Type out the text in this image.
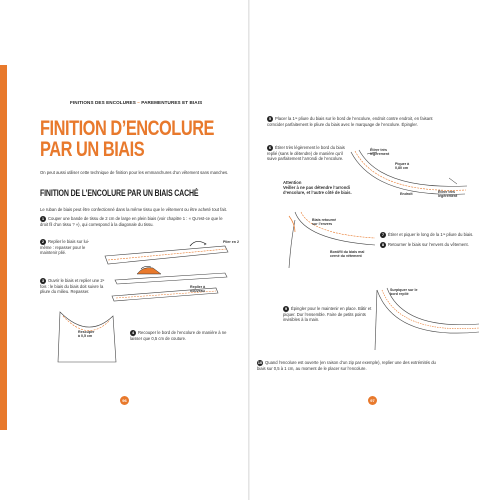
FINITIONS DES ENCOLURES – PAREMENTURES ET BIAIS
FINITION D’ENCOLURE
PAR UN BIAIS
On peut aussi utiliser cette technique de finition pour les emmanchures d’un vêtement sans manches.
FINITION DE L’ENCOLURE PAR UN BIAIS CACHÉ
Le ruban de biais peut être confectionné dans la même tissu que le vêtement ou être acheté tout fait.
1 Couper une bande de tissu de 2 cm de large en plein biais (voir chapitre 1 : « Qu’est-ce que le droit fil d’un tissu ? »), qui correspond à la diagonale du tissu.
2 Replier le biais sur lui-même : repasser pour le maintenir plié.
Plier en 2
3 Ouvrir le biais et replier une 2ᵉ fois : le biais du biais doit suivre la pliure du milieu. Repasser.
Replier à
nouveau
Rescuper
à 0,5 cm
4 Recouper le bord de l’encolure de manière à ne laisser que 0,5 cm de couture.
96
5 Placer la 1ʳᵉ pliure du biais sur le bord de l’encolure, endroit contre endroit, en faisant coïncider parfaitement le pliure du biais avec le marquage de l’encolure. Épingler.
6 Étirer très légèrement le bord du biais replié (sans le détendre) de manière qu’il suive parfaitement l’arrondi de l’encolure.
Attention
Veiller à ne pas détendre l’arrondi d’encolure, et l’autre côté de biais.
Étirer très
légèrement
Piquer à
0,80 cm
Endroit	Étirer très
légèrement
Biais retourné
sur l’envers
Bord/fil du biais mal
cerné du vêtement
7 Étirer et piquer le long de la 1ʳᵉ pliure du biais.
8 Retourner le biais sur l’envers du vêtement.
Surpiquer sur le
bord replié
9 Épingler pour le maintenir en place. Bâtir et piquer. Dur l’ensemble. Faire de petits points invisibles à la main.
10 Quand l’encolure est ouverte (en raison d’un zip par exemple), replier une des extrémités du biais sur 0,5 à 1 cm, au moment de le placer sur l’encolure.
97
